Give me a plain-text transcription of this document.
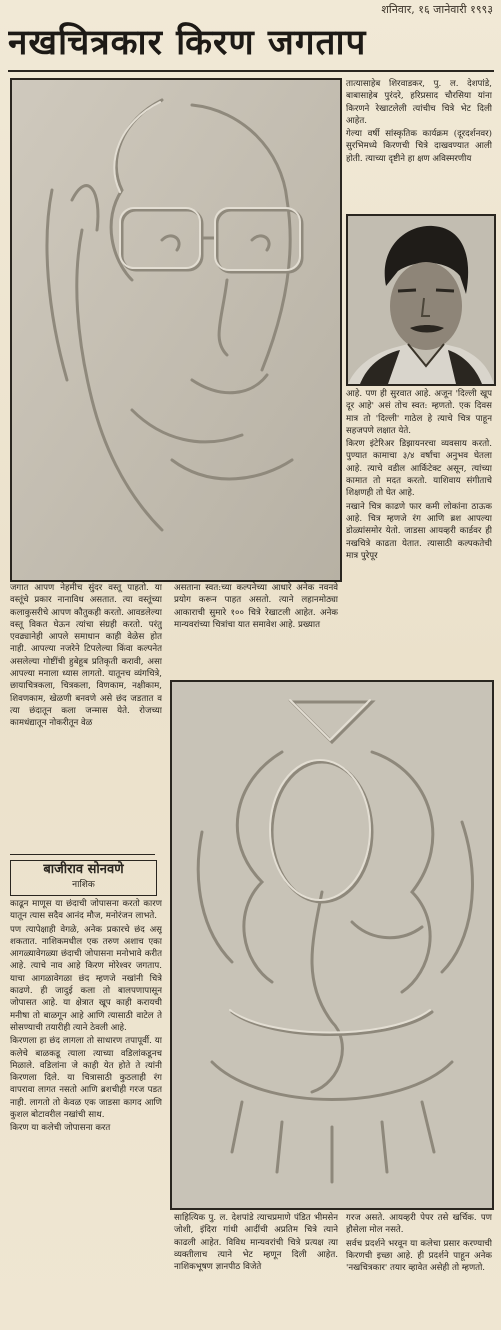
शनिवार, १६ जानेवारी १९९३
नखचित्रकार किरण जगताप

तात्यासाहेब शिरवाडकर, पु. ल. देशपांडे, बाबासाहेब पुरंदरे, हरिप्रसाद चौरसिया यांना किरणने रेखाटलेली त्यांचीच चित्रे भेट दिली आहेत.

गेल्या वर्षी सांस्कृतिक कार्यक्रम (दूरदर्शनवर) सुरभिमध्ये किरणची चित्रे दाखवण्यात आली होती. त्याच्या दृष्टीने हा क्षण अविस्मरणीय

आहे. पण ही सुरवात आहे. अजून 'दिल्ली खूप दूर आहे' असं तोच स्वत: म्हणतो. एक दिवस मात्र तो 'दिल्ली' गाठेल हे त्याचे चित्र पाहून सहजपणे लक्षात येते.

किरण इंटेरिअर डिझायनरचा व्यवसाय करतो. पुण्यात कामाचा ३/४ वर्षांचा अनुभव घेतला आहे. त्याचे वडील आर्किटेक्ट असून, त्यांच्या कामात तो मदत करतो. याशिवाय संगीताचे शिक्षणही तो घेत आहे.

नखाने चित्र काढणे फार कमी लोकांना ठाऊक आहे. चित्र म्हणजे रंग आणि ब्रश आपल्या डोळ्यांसमोर येतो. जाडसा आयव्हरी कार्डवर ही नखचित्रे काढता येतात. त्यासाठी कल्पकतेची मात्र पुरेपूर

जगात आपण नेहमीच सुंदर वस्तू पाहतो. या वस्तूंचे प्रकार नानाविध असतात. त्या वस्तूंच्या कलाकुसरीचे आपण कौतुकही करतो. आवडलेल्या वस्तू विकत घेऊन त्यांचा संग्रही करतो. परंतु एवढ्यानेही आपले समाधान काही वेळेस होत नाही. आपल्या नजरेने टिपलेल्या किंवा कल्पनेत असलेल्या गोष्टींची हुबेहूब प्रतिकृती करावी, असा आपल्या मनाला ध्यास लागतो. यातूनच व्यंगचित्रे, छायाचित्रकला, चित्रकला, विणकाम, नक्षीकाम, शिवणकाम, खेळणी बनवणे असे छंद जडतात व त्या छंदातून कला जन्मास येते. रोजच्या कामधंद्यातून नोकरीतून वेळ

बाजीराव सोनवणे
नाशिक

असताना स्वत:च्या कल्पनेच्या आधारे अनेक नवनवे प्रयोग करून पाहत असतो. त्याने लहानमोठ्या आकाराची सुमारे १०० चित्रे रेखाटली आहेत. अनेक मान्यवरांच्या चित्रांचा यात समावेश आहे. प्रख्यात

काढून माणूस या छंदाची जोपासना करतो कारण यातून त्यास सदैव आनंद मौज, मनोरंजन लाभते.

पण त्यापेक्षाही वेगळे, अनेक प्रकारचे छंद असू शकतात. नाशिकमधील एक तरुण अशाच एका आगळ्यावेगळ्या छंदाची जोपासना मनोभावे करीत आहे. त्याचे नाव आहे किरण मोरेश्वर जगताप. याचा आगळावेगळा छंद म्हणजे नखांनी चित्रे काढणे. ही जादुई कला तो बालपणापासून जोपासत आहे. या क्षेत्रात खूप काही करायची मनीषा तो बाळगून आहे आणि त्यासाठी वाटेल ते सोसण्याची तयारीही त्याने ठेवली आहे.

किरणला हा छंद लागला तो साधारण तपापूर्वी. या कलेचे बाळकडू त्याला त्याच्या वडिलांकडूनच मिळाले. वडिलांना जे काही येत होते ते त्यांनी किरणला दिले. या चित्रासाठी कुठलाही रंग वापरावा लागत नसतो आणि ब्रशचीही गरज पडत नाही. लागतो तो केवळ एक जाडसा कागद आणि कुशल बोटावरील नखांची साथ.

किरण या कलेची जोपासना करत

साहित्यिक पु. ल. देशपांडे त्याचप्रमाणे पंडित भीमसेन जोशी, इंदिरा गांधी आदींची अप्रतिम चित्रे त्याने काढली आहेत. विविध मान्यवरांची चित्रे प्रत्यक्ष त्या व्यक्तीलाच त्याने भेट म्हणून दिली आहेत. नाशिकभूषण ज्ञानपीठ विजेते

गरज असते. आयव्हरी पेपर तसे खर्चिक. पण हौसेला मोल नसते.

सर्वच प्रदर्शने भरवून या कलेचा प्रसार करण्याची किरणची इच्छा आहे. ही प्रदर्शने पाहून अनेक 'नखचित्रकार' तयार व्हावेत असेही तो म्हणतो.
